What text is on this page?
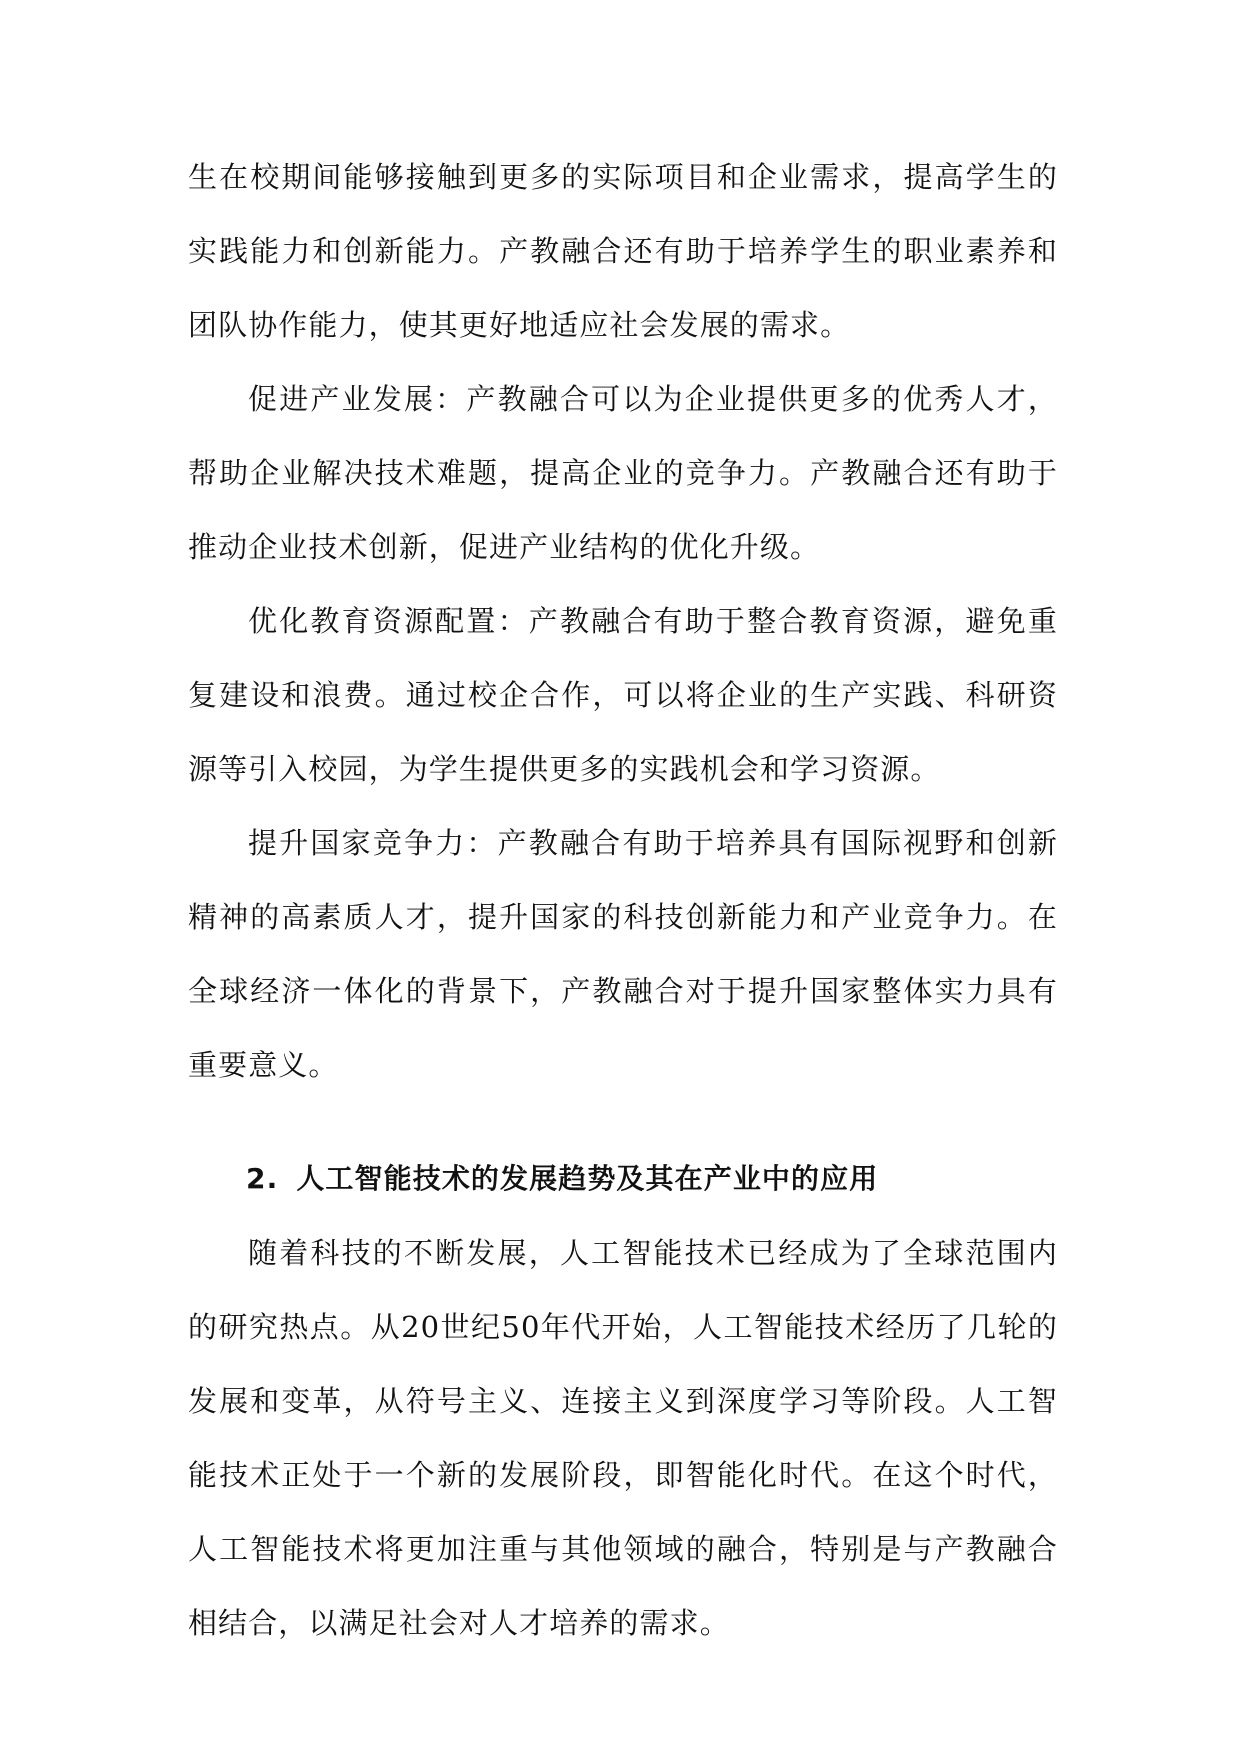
生在校期间能够接触到更多的实际项目和企业需求，提高学生的实践能力和创新能力。产教融合还有助于培养学生的职业素养和团队协作能力，使其更好地适应社会发展的需求。

促进产业发展：产教融合可以为企业提供更多的优秀人才，帮助企业解决技术难题，提高企业的竞争力。产教融合还有助于推动企业技术创新，促进产业结构的优化升级。

优化教育资源配置：产教融合有助于整合教育资源，避免重复建设和浪费。通过校企合作，可以将企业的生产实践、科研资源等引入校园，为学生提供更多的实践机会和学习资源。

提升国家竞争力：产教融合有助于培养具有国际视野和创新精神的高素质人才，提升国家的科技创新能力和产业竞争力。在全球经济一体化的背景下，产教融合对于提升国家整体实力具有重要意义。

2. 人工智能技术的发展趋势及其在产业中的应用

随着科技的不断发展，人工智能技术已经成为了全球范围内的研究热点。从20世纪50年代开始，人工智能技术经历了几轮的发展和变革，从符号主义、连接主义到深度学习等阶段。人工智能技术正处于一个新的发展阶段，即智能化时代。在这个时代，人工智能技术将更加注重与其他领域的融合，特别是与产教融合相结合，以满足社会对人才培养的需求。
